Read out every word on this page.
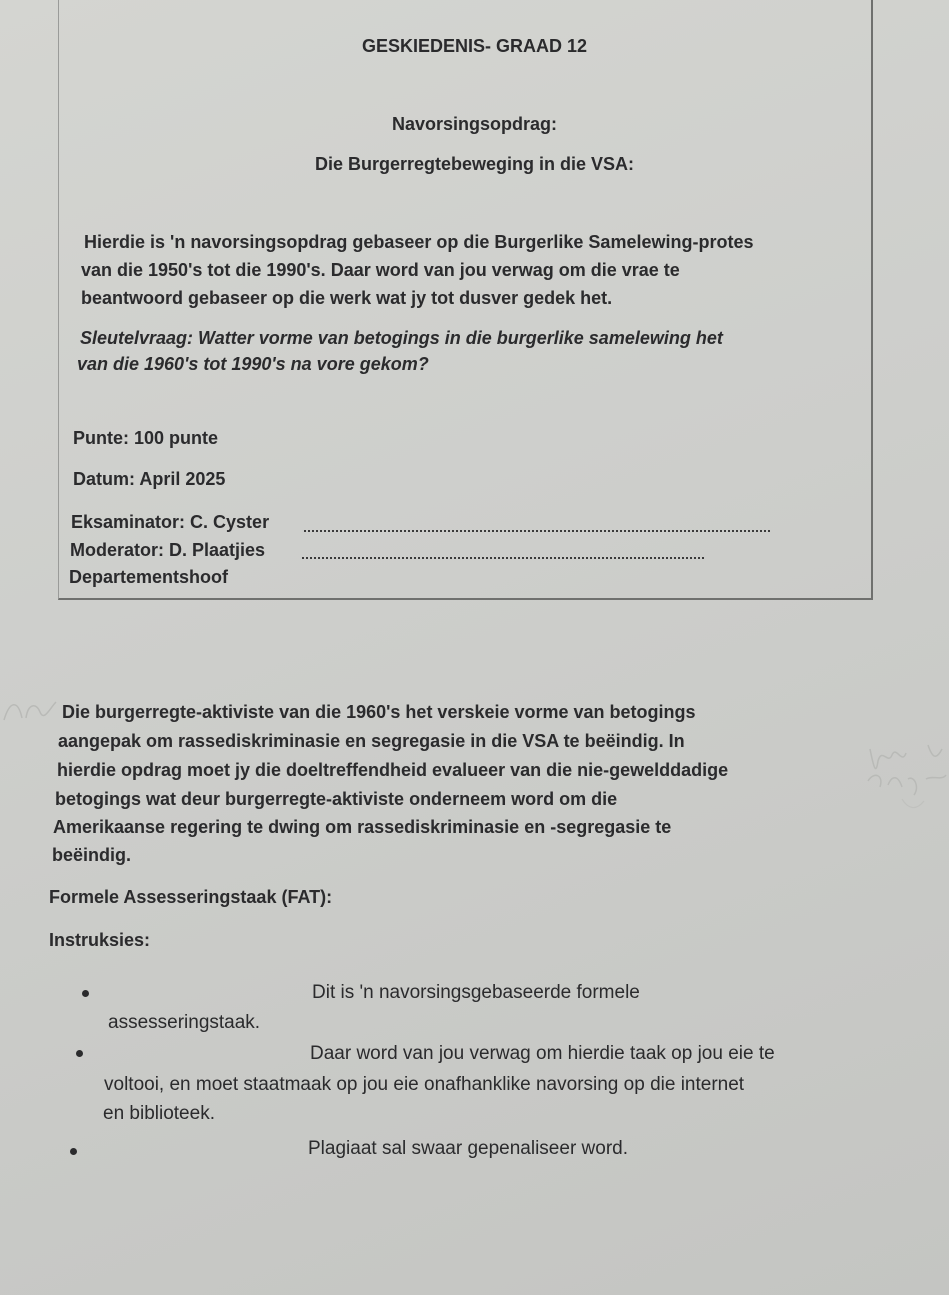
GESKIEDENIS- GRAAD 12
Navorsingsopdrag:
Die Burgerregtebeweging in die VSA:
Hierdie is 'n navorsingsopdrag gebaseer op die Burgerlike Samelewing-protes
van die 1950's tot die 1990's. Daar word van jou verwag om die vrae te
beantwoord gebaseer op die werk wat jy tot dusver gedek het.
Sleutelvraag: Watter vorme van betogings in die burgerlike samelewing het
van die 1960's tot 1990's na vore gekom?
Punte: 100 punte
Datum: April 2025
Eksaminator: C. Cyster
Moderator: D. Plaatjies
Departementshoof
Die burgerregte-aktiviste van die 1960's het verskeie vorme van betogings
aangepak om rassediskriminasie en segregasie in die VSA te beëindig. In
hierdie opdrag moet jy die doeltreffendheid evalueer van die nie-gewelddadige
betogings wat deur burgerregte-aktiviste onderneem word om die
Amerikaanse regering te dwing om rassediskriminasie en -segregasie te
beëindig.
Formele Assesseringstaak (FAT):
Instruksies:
Dit is 'n navorsingsgebaseerde formele
assesseringstaak.
Daar word van jou verwag om hierdie taak op jou eie te
voltooi, en moet staatmaak op jou eie onafhanklike navorsing op die internet
en biblioteek.
Plagiaat sal swaar gepenaliseer word.
